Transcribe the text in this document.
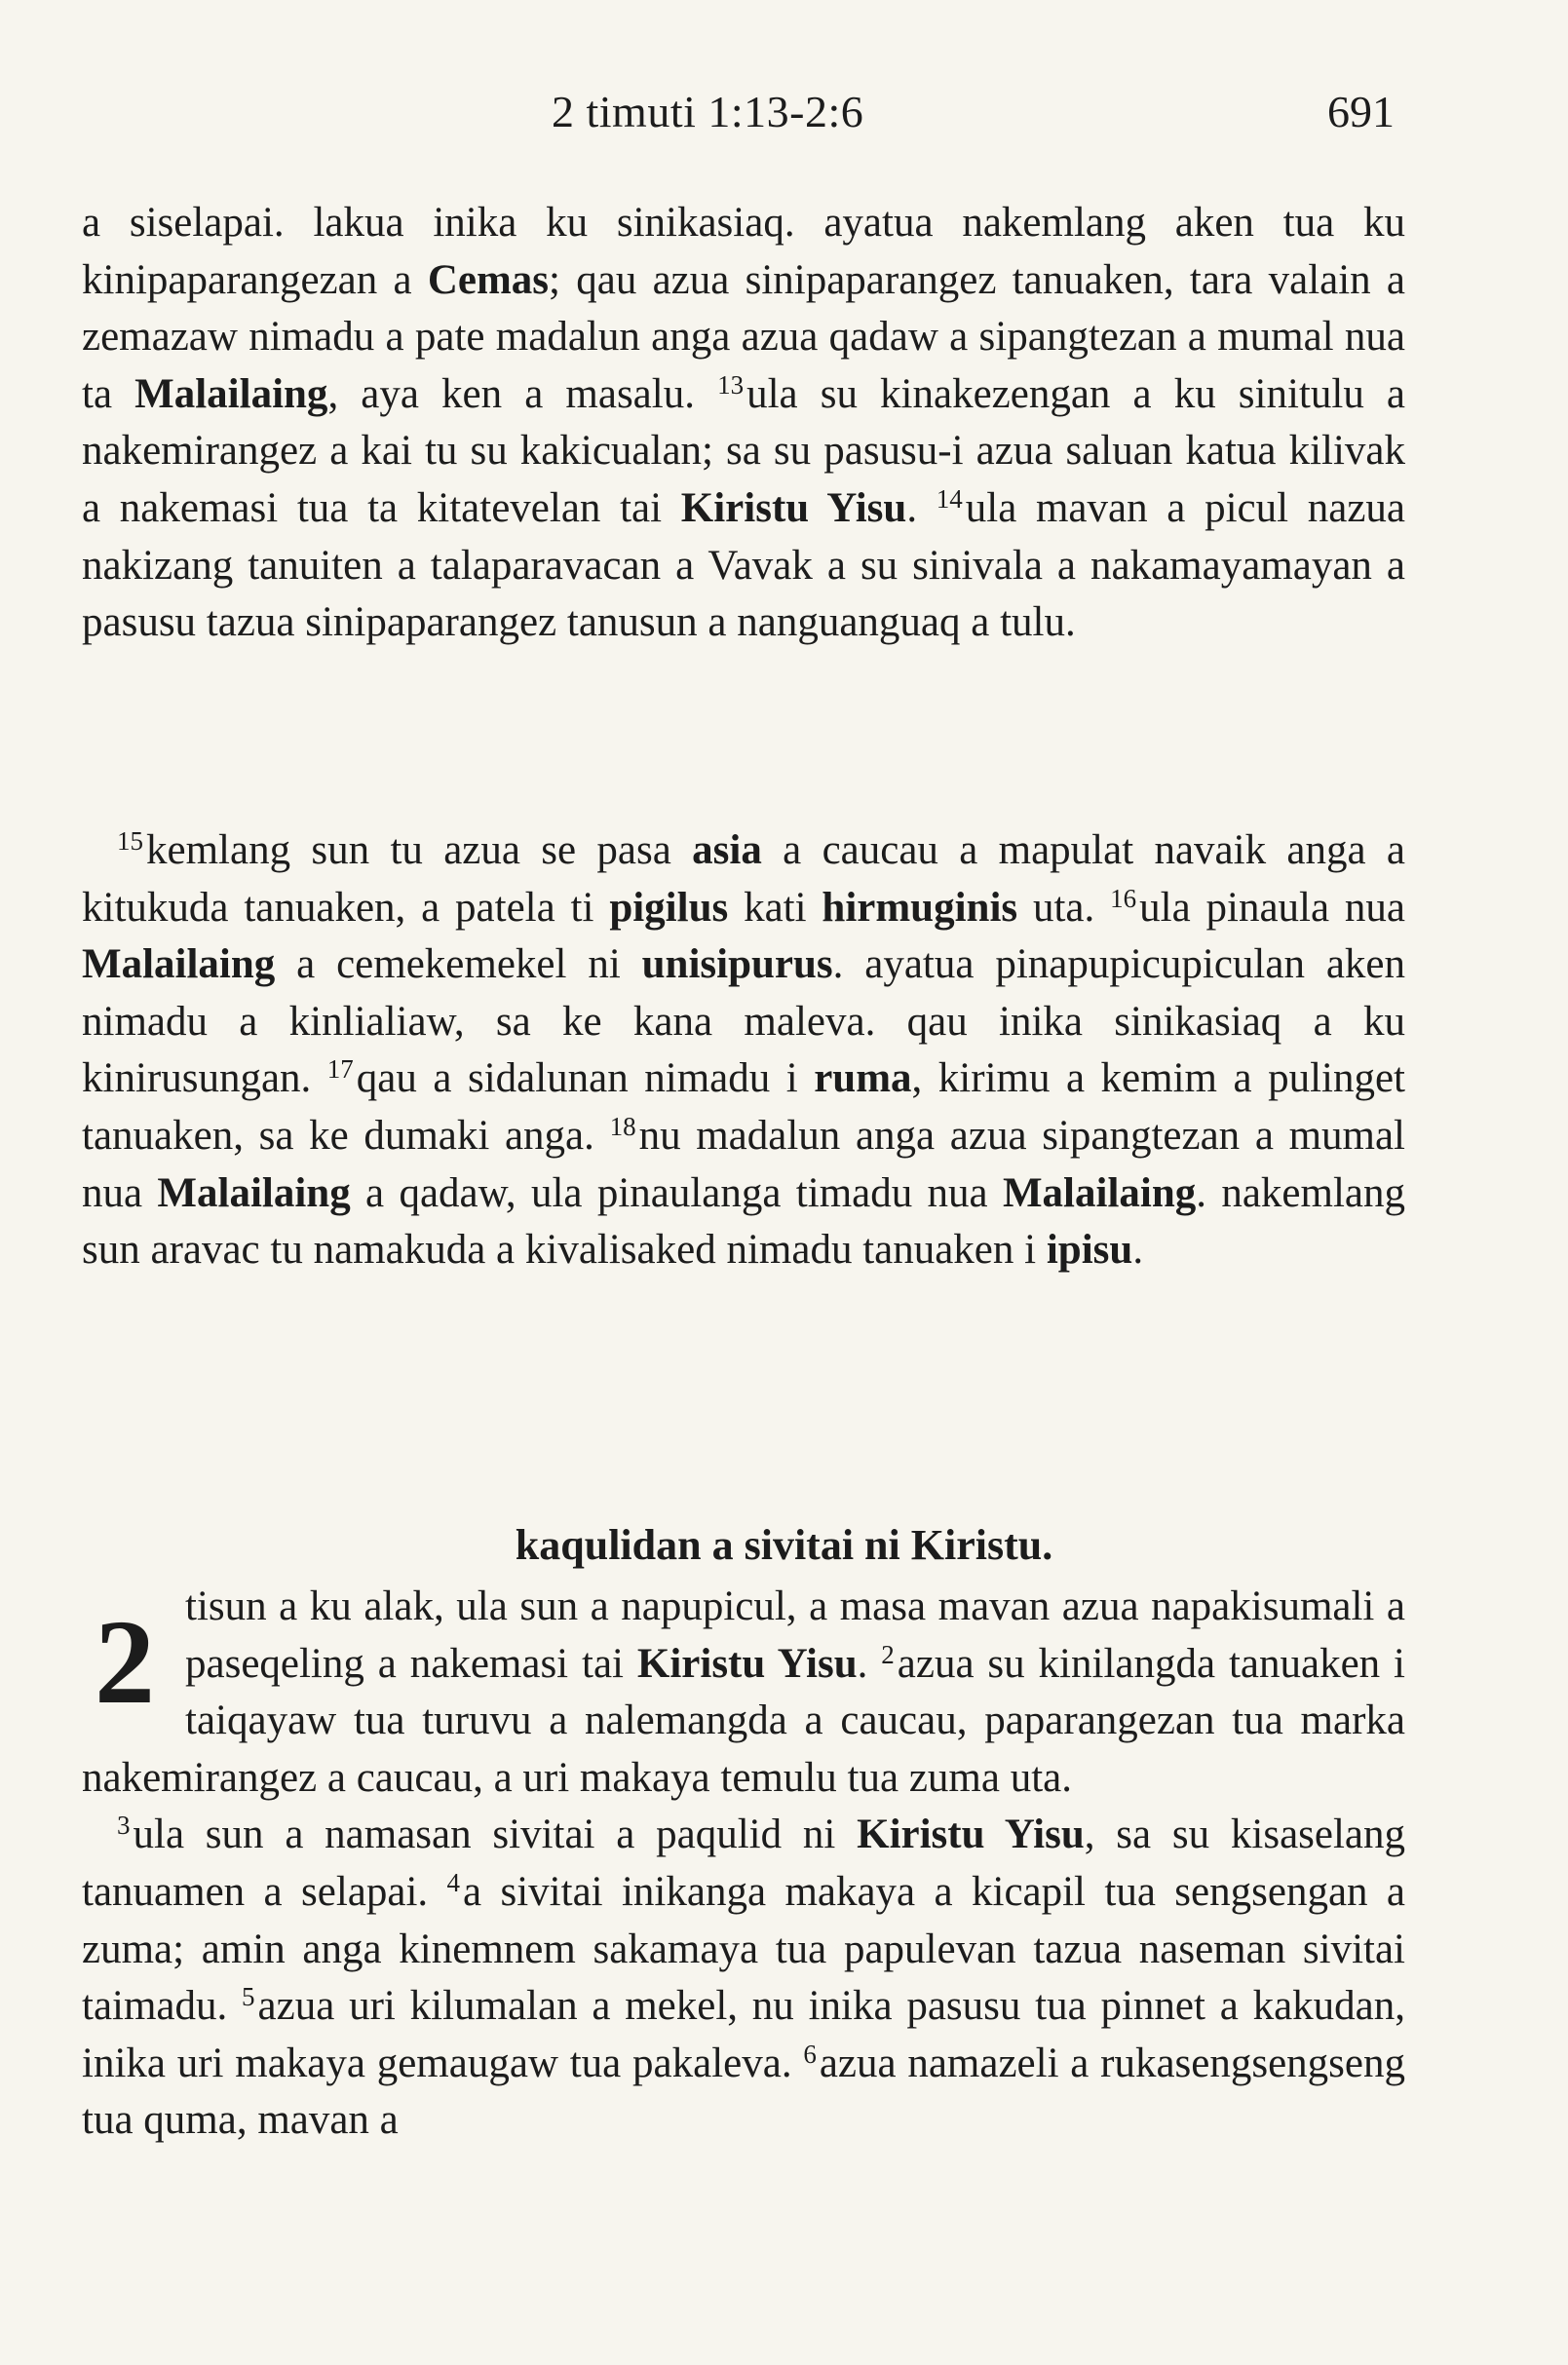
2 timuti 1:13-2:6	691
a siselapai. lakua inika ku sinikasiaq. ayatua nakemlang aken tua ku kinipaparangezan a Cemas; qau azua sinipaparangez tanuaken, tara valain a zemazaw nimadu a pate madalun anga azua qadaw a sipangtezan a mumal nua ta Malailaing, aya ken a masalu. $^{13}$ula su kinakezengan a ku sinitulu a nakemirangez a kai tu su kakicualan; sa su pasusu-i azua saluan katua kilivak a nakemasi tua ta kitatevelan tai Kiristu Yisu. $^{14}$ula mavan a picul nazua nakizang tanuiten a talaparavacan a Vavak a su sinivala a nakamayamayan a pasusu tazua sinipaparangez tanusun a nanguanguaq a tulu.
$^{15}$kemlang sun tu azua se pasa asia a caucau a mapulat navaik anga a kitukuda tanuaken, a patela ti pigilus kati hirmuginis uta. $^{16}$ula pinaula nua Malailaing a cemekemekel ni unisipurus. ayatua pinapupicupiculan aken nimadu a kinlialiaw, sa ke kana maleva. qau inika sinikasiaq a ku kinirusungan. $^{17}$qau a sidalunan nimadu i ruma, kirimu a kemim a pulinget tanuaken, sa ke dumaki anga. $^{18}$nu madalun anga azua sipangtezan a mumal nua Malailaing a qadaw, ula pinaulanga timadu nua Malailaing. nakemlang sun aravac tu namakuda a kivalisaked nimadu tanuaken i ipisu.
kaqulidan a sivitai ni Kiristu.
2 tisun a ku alak, ula sun a napupicul, a masa mavan azua napakisumali a paseqeling a nakemasi tai Kiristu Yisu. $^2$azua su kinilangda tanuaken i taiqayaw tua turuvu a nalemangda a caucau, paparangezan tua marka nakemirangez a caucau, a uri makaya temulu tua zuma uta.

$^3$ula sun a namasan sivitai a paqulid ni Kiristu Yisu, sa su kisaselang tanuamen a selapai. $^4$a sivitai inikanga makaya a kicapil tua sengsengan a zuma; amin anga kinemnem sakamaya tua papulevan tazua naseman sivitai taimadu. $^5$azua uri kilumalan a mekel, nu inika pasusu tua pinnet a kakudan, inika uri makaya gemaugaw tua pakaleva. $^6$azua namazeli a rukasengsengseng tua quma, mavan a
